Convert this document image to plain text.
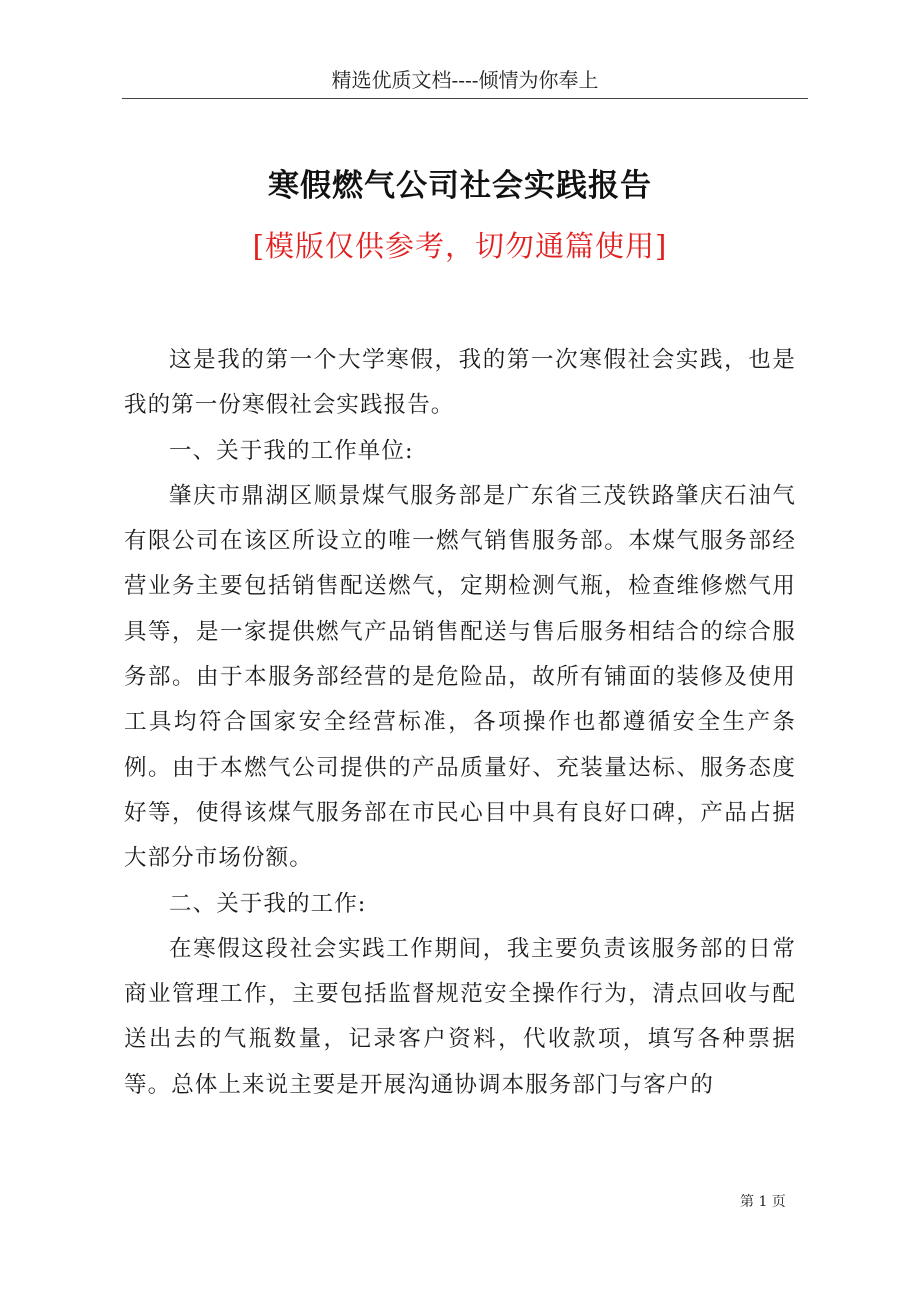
精选优质文档----倾情为你奉上
寒假燃气公司社会实践报告
[模版仅供参考，切勿通篇使用]

这是我的第一个大学寒假，我的第一次寒假社会实践，也是我的第一份寒假社会实践报告。

一、关于我的工作单位:

肇庆市鼎湖区顺景煤气服务部是广东省三茂铁路肇庆石油气有限公司在该区所设立的唯一燃气销售服务部。本煤气服务部经营业务主要包括销售配送燃气，定期检测气瓶，检查维修燃气用具等，是一家提供燃气产品销售配送与售后服务相结合的综合服务部。由于本服务部经营的是危险品，故所有铺面的装修及使用工具均符合国家安全经营标准，各项操作也都遵循安全生产条例。由于本燃气公司提供的产品质量好、充装量达标、服务态度好等，使得该煤气服务部在市民心目中具有良好口碑，产品占据大部分市场份额。

二、关于我的工作:

在寒假这段社会实践工作期间，我主要负责该服务部的日常商业管理工作，主要包括监督规范安全操作行为，清点回收与配送出去的气瓶数量，记录客户资料，代收款项，填写各种票据等。总体上来说主要是开展沟通协调本服务部门与客户的

第 1 页
